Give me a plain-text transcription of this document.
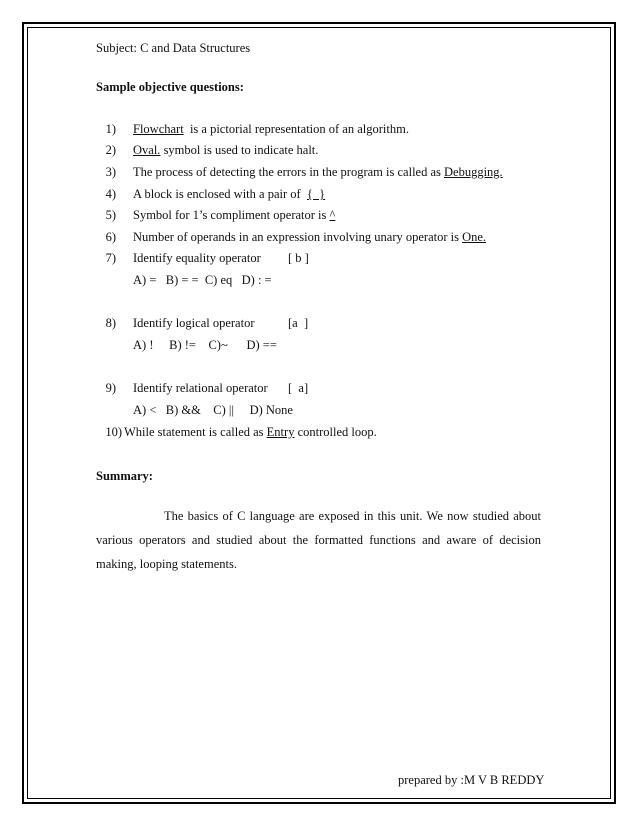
Subject: C and Data Structures
Sample objective questions:
1) Flowchart  is a pictorial representation of an algorithm.
2) Oval. symbol is used to indicate halt.
3) The process of detecting the errors in the program is called as Debugging.
4) A block is enclosed with a pair of  {  }
5) Symbol for 1’s compliment operator is ^
6) Number of operands in an expression involving unary operator is One.
7) Identify equality operator [ b ]
A) =   B) = =  C) eq   D) : =
8) Identify logical operator	[a  ]
A) !     B) !=    C)~      D) ==
9) Identify relational operator [  a]
A) <   B) &&    C) ||     D) None
10) While statement is called as Entry controlled loop.
Summary:

The basics of C language are exposed in this unit. We now studied about various operators and studied about the formatted functions and aware of decision making, looping statements.

prepared by :M V B REDDY
